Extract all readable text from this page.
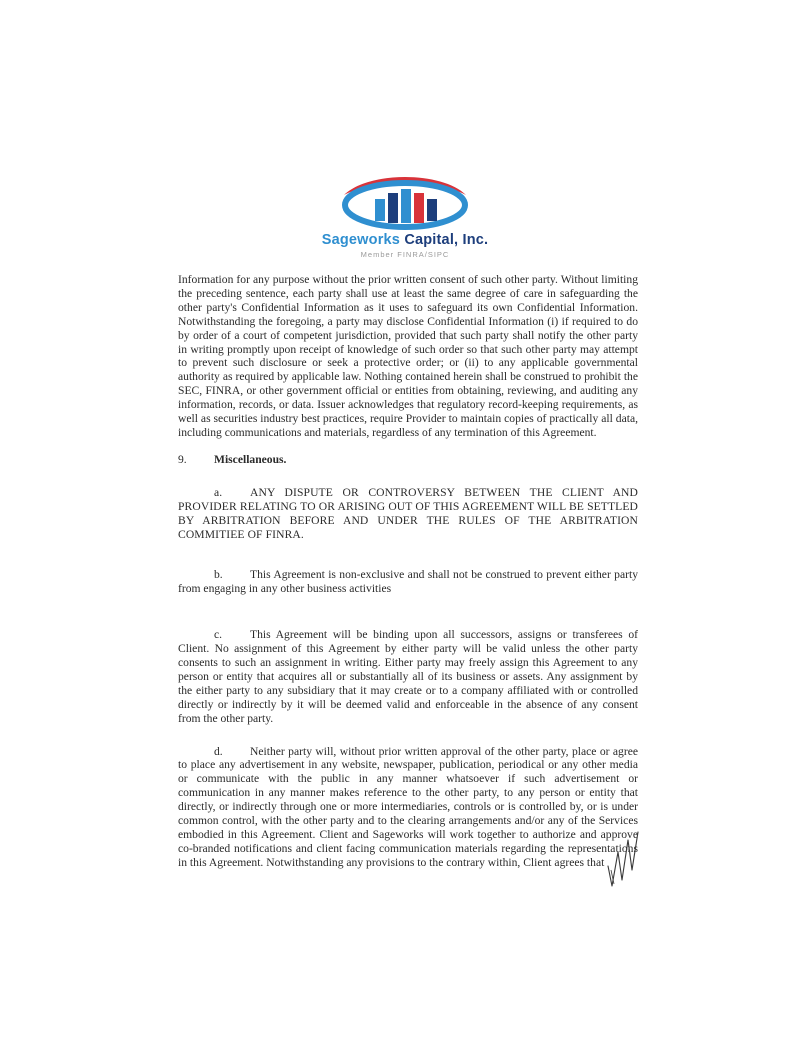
Sageworks Capital, Inc.
Member FINRA/SIPC

Information for any purpose without the prior written consent of such other party. Without limiting the preceding sentence, each party shall use at least the same degree of care in safeguarding the other party's Confidential Information as it uses to safeguard its own Confidential Information. Notwithstanding the foregoing, a party may disclose Confidential Information (i) if required to do by order of a court of competent jurisdiction, provided that such party shall notify the other party in writing promptly upon receipt of knowledge of such order so that such other party may attempt to prevent such disclosure or seek a protective order; or (ii) to any applicable governmental authority as required by applicable law. Nothing contained herein shall be construed to prohibit the SEC, FINRA, or other government official or entities from obtaining, reviewing, and auditing any information, records, or data. Issuer acknowledges that regulatory record-keeping requirements, as well as securities industry best practices, require Provider to maintain copies of practically all data, including communications and materials, regardless of any termination of this Agreement.

9.	Miscellaneous.

a. ANY DISPUTE OR CONTROVERSY BETWEEN THE CLIENT AND PROVIDER RELATING TO OR ARISING OUT OF THIS AGREEMENT WILL BE SETTLED BY ARBITRATION BEFORE AND UNDER THE RULES OF THE ARBITRATION COMMITIEE OF FINRA.

b. This Agreement is non-exclusive and shall not be construed to prevent either party from engaging in any other business activities

c. This Agreement will be binding upon all successors, assigns or transferees of Client. No assignment of this Agreement by either party will be valid unless the other party consents to such an assignment in writing. Either party may freely assign this Agreement to any person or entity that acquires all or substantially all of its business or assets. Any assignment by the either party to any subsidiary that it may create or to a company affiliated with or controlled directly or indirectly by it will be deemed valid and enforceable in the absence of any consent from the other party.

d. Neither party will, without prior written approval of the other party, place or agree to place any advertisement in any website, newspaper, publication, periodical or any other media or communicate with the public in any manner whatsoever if such advertisement or communication in any manner makes reference to the other party, to any person or entity that directly, or indirectly through one or more intermediaries, controls or is controlled by, or is under common control, with the other party and to the clearing arrangements and/or any of the Services embodied in this Agreement. Client and Sageworks will work together to authorize and approve co-branded notifications and client facing communication materials regarding the representations in this Agreement. Notwithstanding any provisions to the contrary within, Client agrees that
